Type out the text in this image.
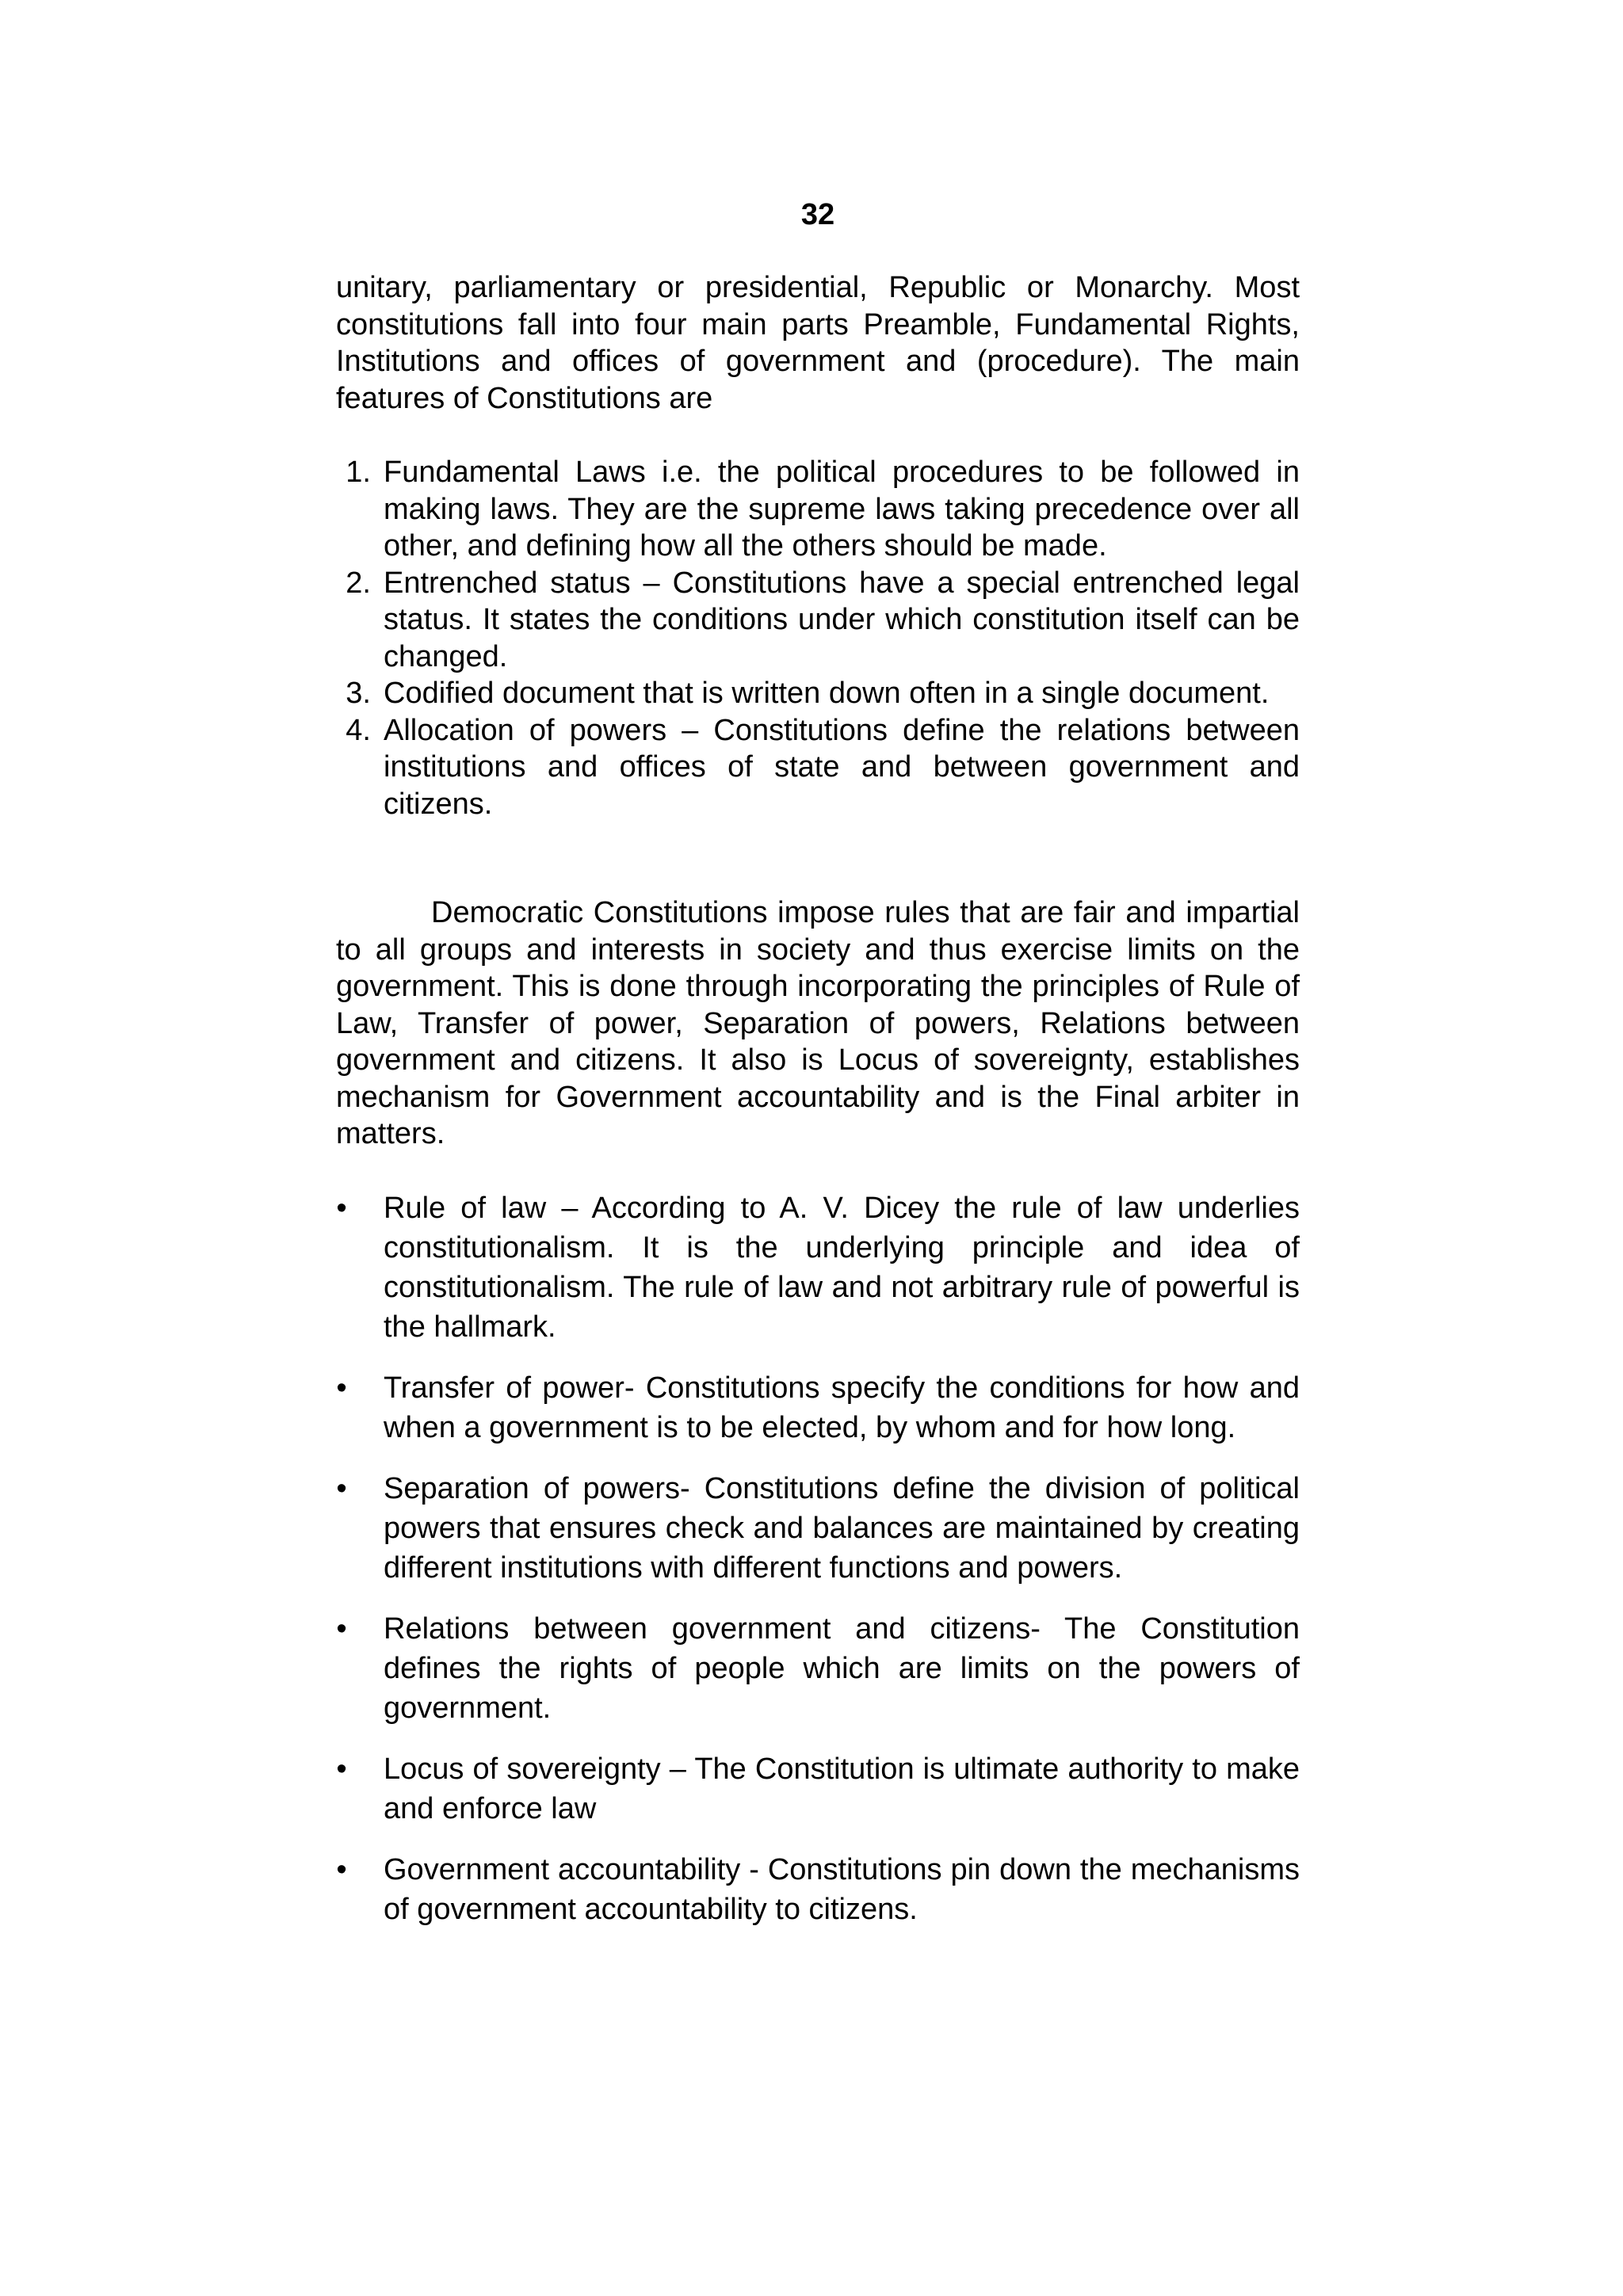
32

unitary, parliamentary or presidential, Republic or Monarchy. Most constitutions fall into four main parts Preamble, Fundamental Rights, Institutions and offices of government and (procedure). The main features of Constitutions are

1. Fundamental Laws i.e. the political procedures to be followed in making laws. They are the supreme laws taking precedence over all other, and defining how all the others should be made.
2. Entrenched status – Constitutions have a special entrenched legal status. It states the conditions under which constitution itself can be changed.
3. Codified document that is written down often in a single document.
4. Allocation of powers – Constitutions define the relations between institutions and offices of state and between government and citizens.

Democratic Constitutions impose rules that are fair and impartial to all groups and interests in society and thus exercise limits on the government. This is done through incorporating the principles of Rule of Law, Transfer of power, Separation of powers, Relations between government and citizens. It also is Locus of sovereignty, establishes mechanism for Government accountability and is the Final arbiter in matters.

• Rule of law – According to A. V. Dicey the rule of law underlies constitutionalism. It is the underlying principle and idea of constitutionalism. The rule of law and not arbitrary rule of powerful is the hallmark.
• Transfer of power- Constitutions specify the conditions for how and when a government is to be elected, by whom and for how long.
• Separation of powers- Constitutions define the division of political powers that ensures check and balances are maintained by creating different institutions with different functions and powers.
• Relations between government and citizens- The Constitution defines the rights of people which are limits on the powers of government.
• Locus of sovereignty – The Constitution is ultimate authority to make and enforce law
• Government accountability - Constitutions pin down the mechanisms of government accountability to citizens.
